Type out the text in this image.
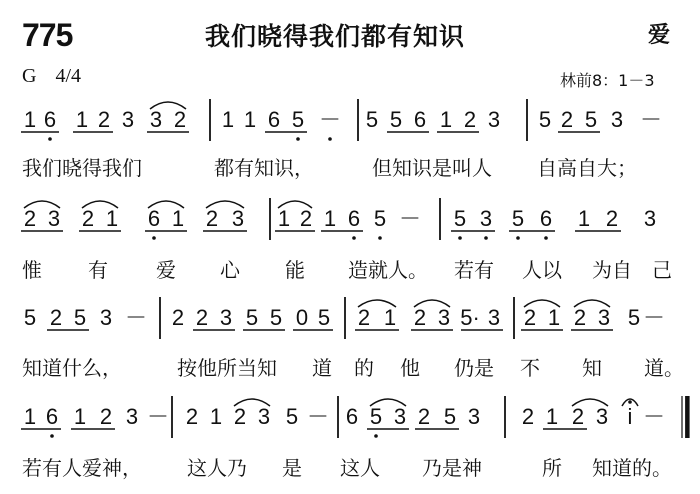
775	我们晓得我们都有知识	爱
G 4/4	林前8：1－3
1 6 1 2 3 3 2 1 1 6 5 － 5 5 6 1 2 3 5 2 5 3 －
2 3 2 1 6 1 2 3 1 2 1 6 5 － 5 3 5 6 1 2 3
5 2 5 3 － 2 2 3 5 5 0 5 2 1 2 3 5· 3 2 1 2 3 5 －
1 6 1 2 3 － 2 1 2 3 5 － 6 5 3 2 5 3 2 1 2 3 i －
我们晓得我们	都有知识，	但知识是叫人 自高自大；
惟 有 爱 心 能 造就人。 若有 人以 为自 己
知道什么，	按他所当知 道 的 他 仍是 不 知 道。
若有人爱神， 这人乃 是 这人 乃是神	所 知道的。
